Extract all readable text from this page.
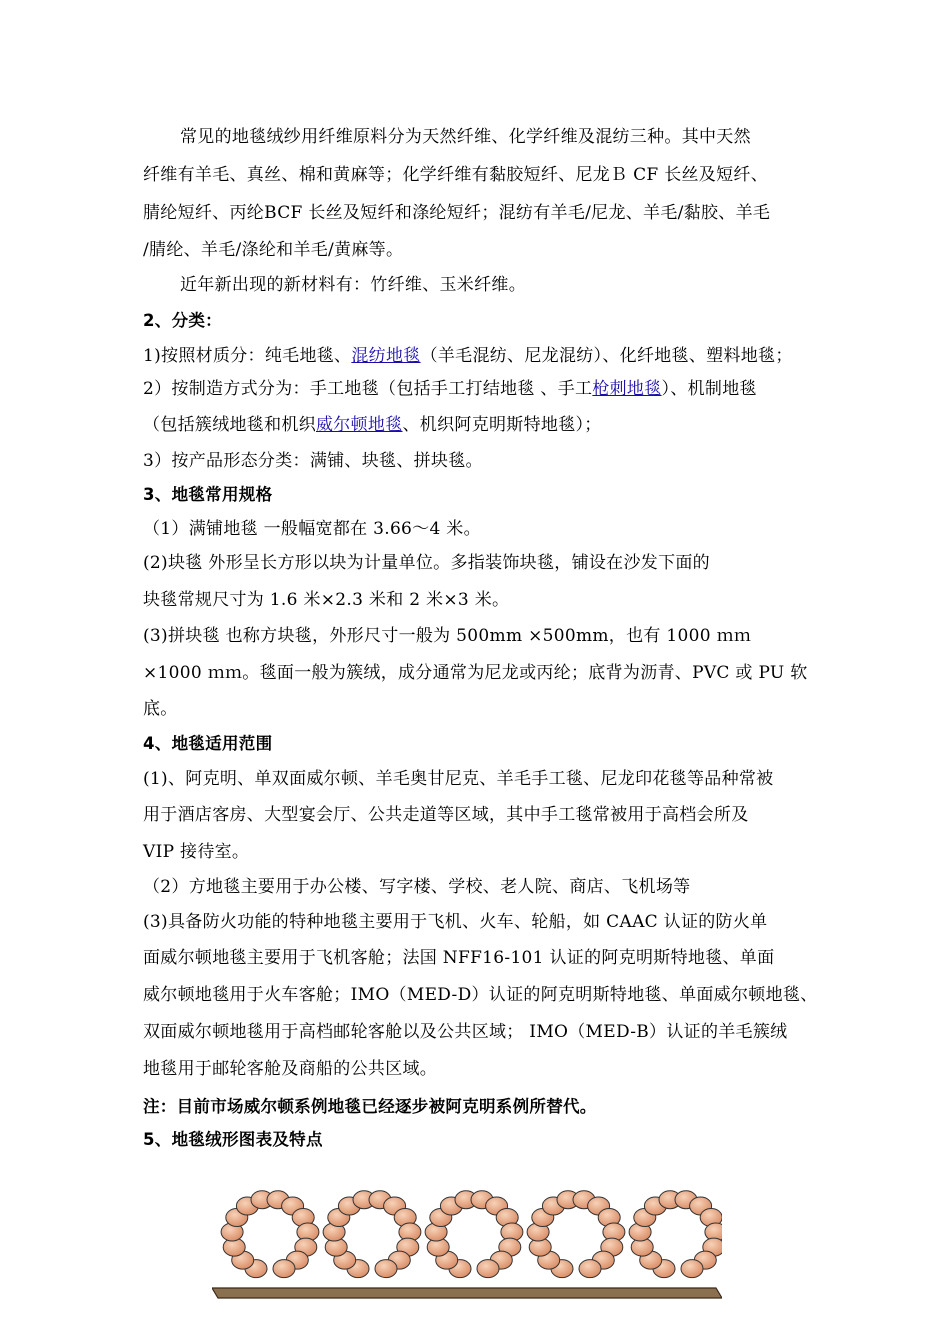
常见的地毯绒纱用纤维原料分为天然纤维、化学纤维及混纺三种。其中天然
纤维有羊毛、真丝、棉和黄麻等；化学纤维有黏胶短纤、尼龙Ｂ CF 长丝及短纤、
腈纶短纤、丙纶BCF 长丝及短纤和涤纶短纤；混纺有羊毛/尼龙、羊毛/黏胶、羊毛
/腈纶、羊毛/涤纶和羊毛/黄麻等。
近年新出现的新材料有：竹纤维、玉米纤维。
2、分类：
1)按照材质分：纯毛地毯、混纺地毯（羊毛混纺、尼龙混纺）、化纤地毯、塑料地毯；
2）按制造方式分为：手工地毯（包括手工打结地毯 、手工枪刺地毯）、机制地毯
（包括簇绒地毯和机织威尔顿地毯、机织阿克明斯特地毯）；
3）按产品形态分类：满铺、块毯、拼块毯。
3、地毯常用规格
（1）满铺地毯 一般幅宽都在 3.66～4 米。
(2)块毯 外形呈长方形以块为计量单位。多指装饰块毯，铺设在沙发下面的
块毯常规尺寸为 1.6 米×2.3 米和 2 米×3 米。
(3)拼块毯 也称方块毯，外形尺寸一般为 500mm ×500mm，也有 1000 ｍｍ
×1000 ｍｍ。毯面一般为簇绒，成分通常为尼龙或丙纶；底背为沥青、PVC 或 PU 软
底。
4、地毯适用范围
(1)、阿克明、单双面威尔顿、羊毛奥甘尼克、羊毛手工毯、尼龙印花毯等品种常被
用于酒店客房、大型宴会厅、公共走道等区域，其中手工毯常被用于高档会所及
VIP 接待室。
（2）方地毯主要用于办公楼、写字楼、学校、老人院、商店、飞机场等
(3)具备防火功能的特种地毯主要用于飞机、火车、轮船，如 CAAC 认证的防火单
面威尔顿地毯主要用于飞机客舱；法国 NFF16-101 认证的阿克明斯特地毯、单面
威尔顿地毯用于火车客舱；IMO（MED-D）认证的阿克明斯特地毯、单面威尔顿地毯、
双面威尔顿地毯用于高档邮轮客舱以及公共区域； IMO（MED-B）认证的羊毛簇绒
地毯用于邮轮客舱及商船的公共区域。
注：目前市场威尔顿系例地毯已经逐步被阿克明系例所替代。
5、地毯绒形图表及特点
